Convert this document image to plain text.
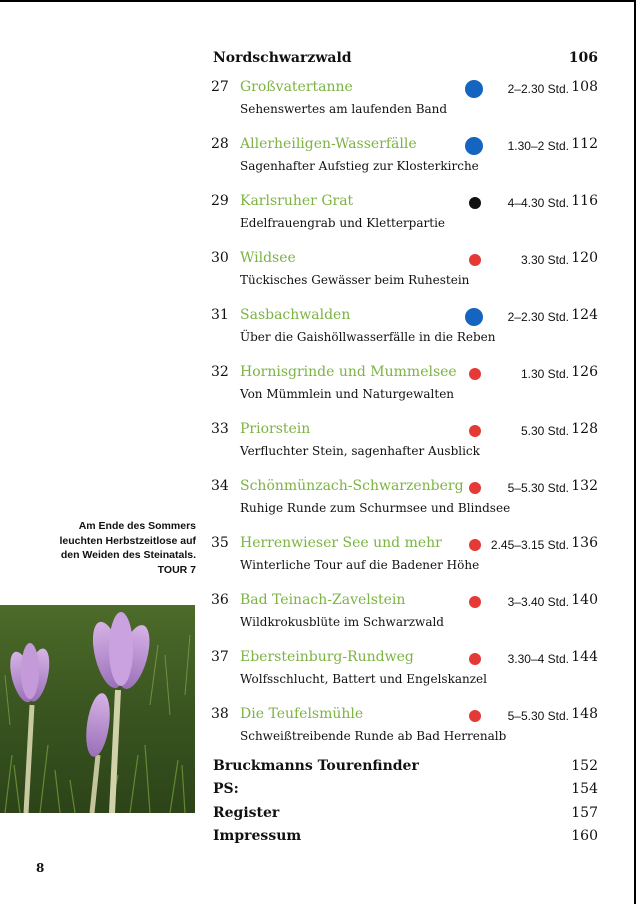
Am Ende des Sommers
leuchten Herbstzeitlose auf
den Weiden des Steinatals.
TOUR 7
8
Nordschwarzwald	106
27 Großvatertanne	2–2.30 Std. 108
Sehenswertes am laufenden Band
28 Allerheiligen-Wasserfälle	1.30–2 Std. 112
Sagenhafter Aufstieg zur Klosterkirche
29 Karlsruher Grat	4–4.30 Std. 116
Edelfrauengrab und Kletterpartie
30 Wildsee	3.30 Std. 120
Tückisches Gewässer beim Ruhestein
31 Sasbachwalden	2–2.30 Std. 124
Über die Gaishöllwasserfälle in die Reben
32 Hornisgrinde und Mummelsee	1.30 Std. 126
Von Mümmlein und Naturgewalten
33 Priorstein	5.30 Std. 128
Verfluchter Stein, sagenhafter Ausblick
34 Schönmünzach-Schwarzenberg	5–5.30 Std. 132
Ruhige Runde zum Schurmsee und Blindsee
35 Herrenwieser See und mehr	2.45–3.15 Std. 136
Winterliche Tour auf die Badener Höhe
36 Bad Teinach-Zavelstein	3–3.40 Std. 140
Wildkrokusblüte im Schwarzwald
37 Ebersteinburg-Rundweg	3.30–4 Std. 144
Wolfsschlucht, Battert und Engelskanzel
38 Die Teufelsmühle	5–5.30 Std. 148
Schweißtreibende Runde ab Bad Herrenalb
Bruckmanns Tourenfinder	152
PS:	154
Register	157
Impressum	160
